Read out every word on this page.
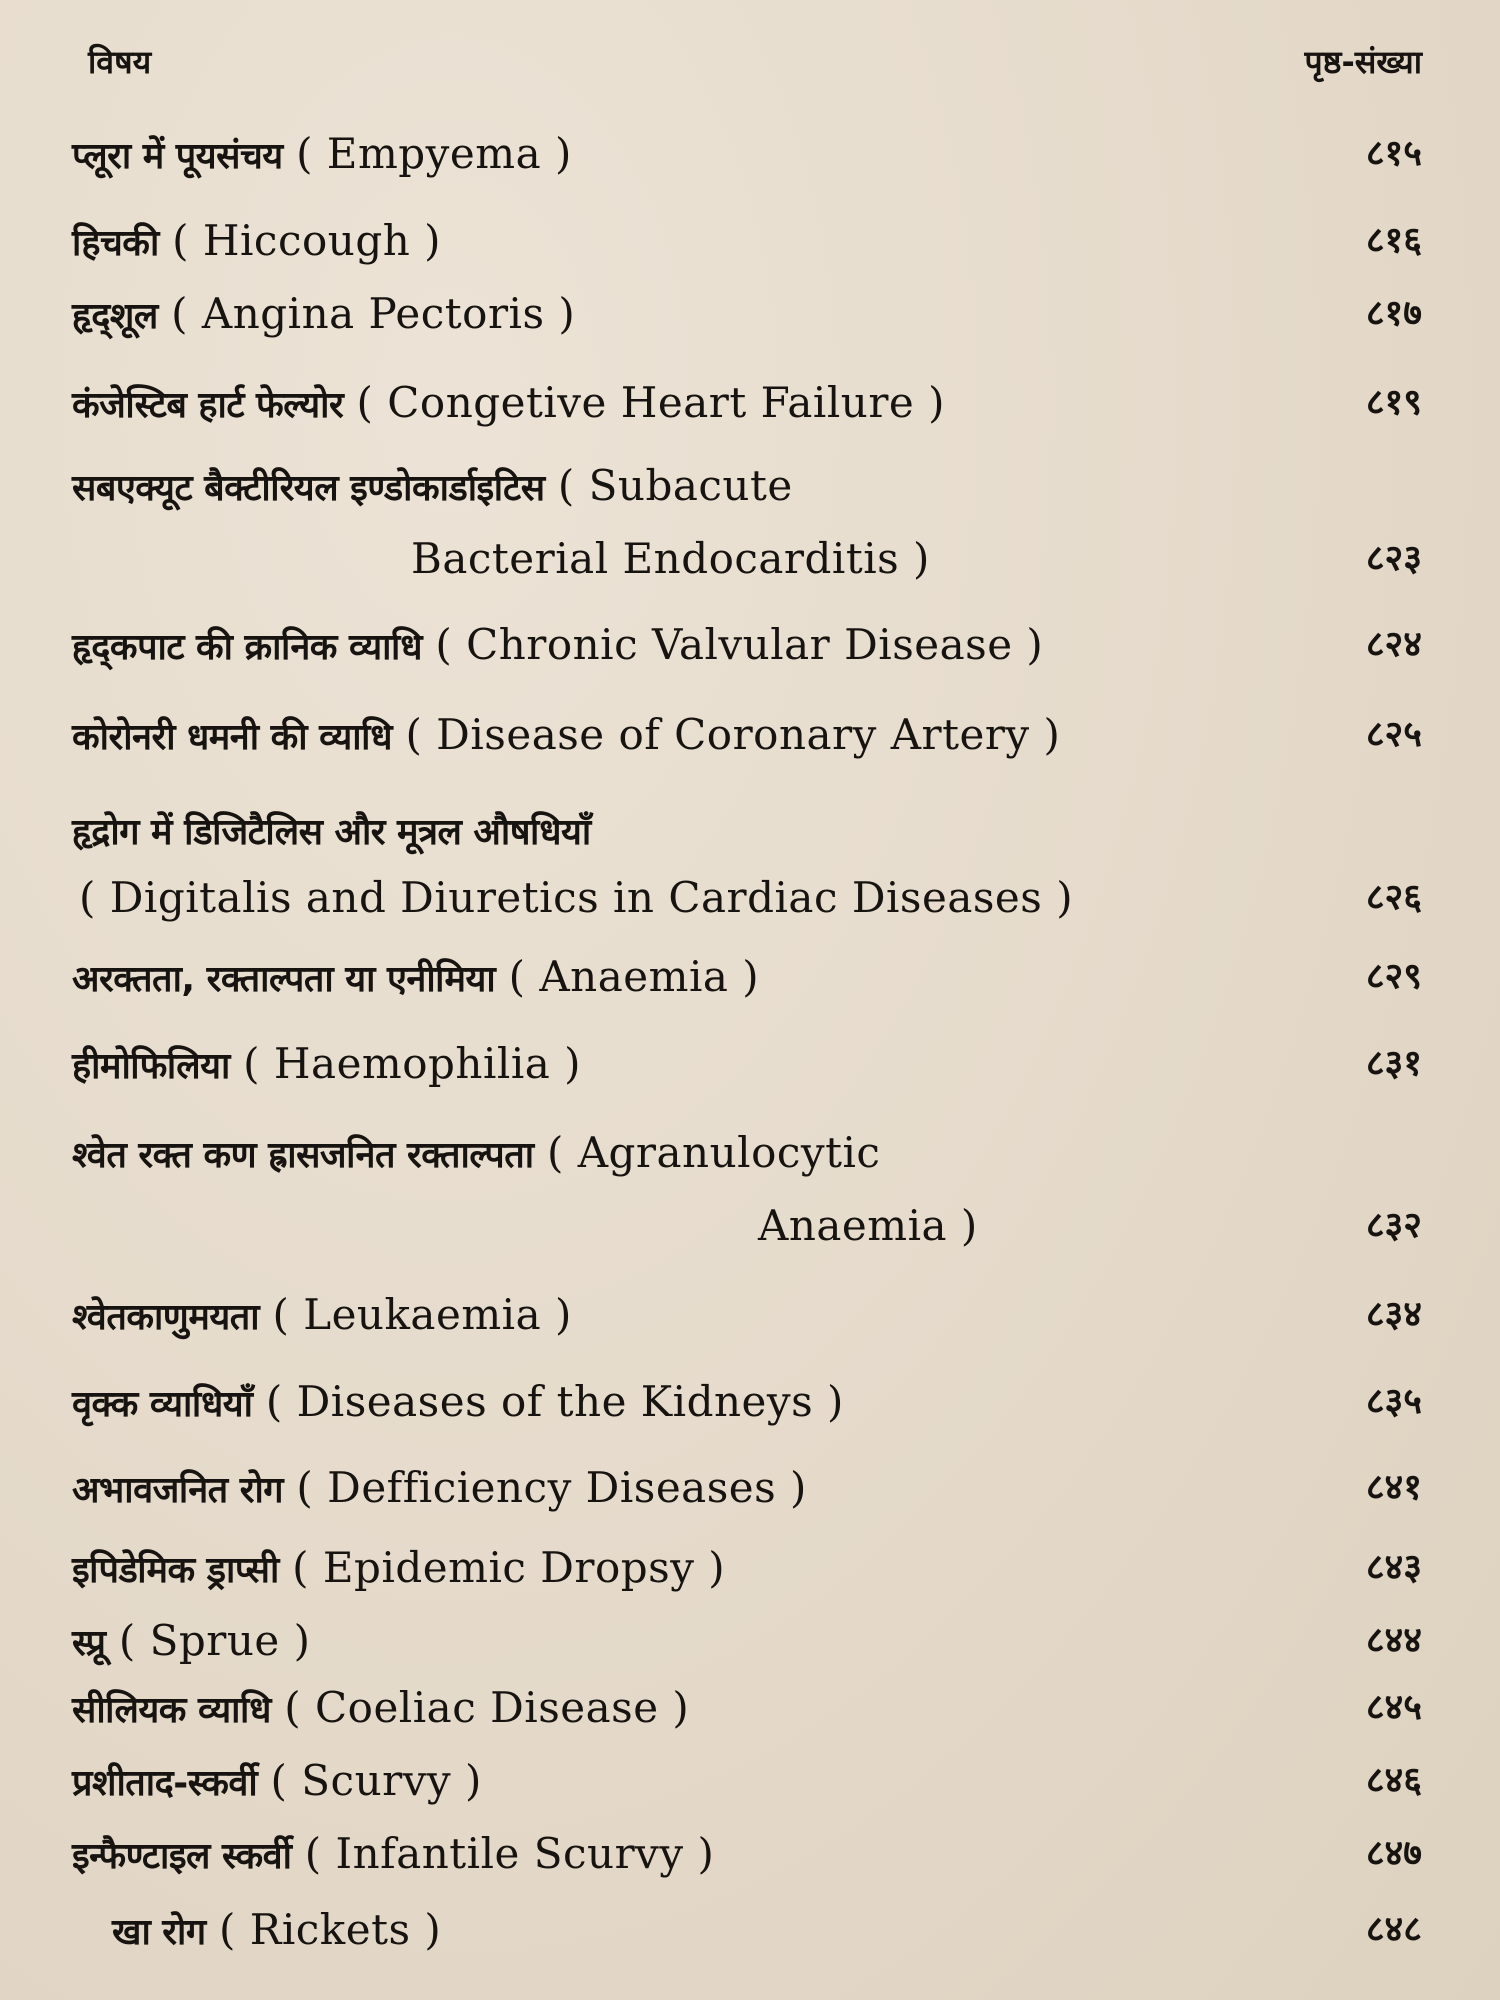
विषय	पृष्ठ-संख्या
प्लूरा में पूयसंचय ( Empyema )	८१५
हिचकी ( Hiccough )	८१६
हृद्शूल ( Angina Pectoris )	८१७
कंजेस्टिब हार्ट फेल्योर ( Congetive Heart Failure )	८१९
सबएक्यूट बैक्टीरियल इण्डोकार्डाइटिस ( Subacute
Bacterial Endocarditis )	८२३
हृद्कपाट की क्रानिक व्याधि ( Chronic Valvular Disease )	८२४
कोरोनरी धमनी की व्याधि ( Disease of Coronary Artery )	८२५
हृद्रोग में डिजिटैलिस और मूत्रल औषधियाँ
( Digitalis and Diuretics in Cardiac Diseases )	८२६
अरक्तता, रक्ताल्पता या एनीमिया ( Anaemia )	८२९
हीमोफिलिया ( Haemophilia )	८३१
श्वेत रक्त कण ह्रासजनित रक्ताल्पता ( Agranulocytic
Anaemia )	८३२
श्वेतकाणुमयता ( Leukaemia )	८३४
वृक्क व्याधियाँ ( Diseases of the Kidneys )	८३५
अभावजनित रोग ( Defficiency Diseases )	८४१
इपिडेमिक ड्राप्सी ( Epidemic Dropsy )	८४३
स्प्रू ( Sprue )	८४४
सीलियक व्याधि ( Coeliac Disease )	८४५
प्रशीताद-स्कर्वी ( Scurvy )	८४६
इन्फैण्टाइल स्कर्वी ( Infantile Scurvy )	८४७
खा रोग ( Rickets )	८४८
